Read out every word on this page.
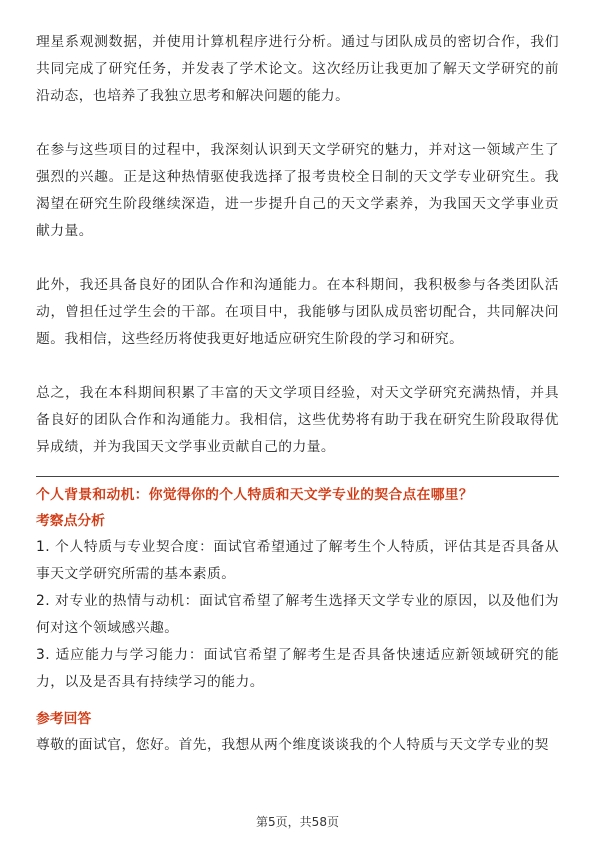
理星系观测数据，并使用计算机程序进行分析。通过与团队成员的密切合作，我们共同完成了研究任务，并发表了学术论文。这次经历让我更加了解天文学研究的前沿动态，也培养了我独立思考和解决问题的能力。

在参与这些项目的过程中，我深刻认识到天文学研究的魅力，并对这一领域产生了强烈的兴趣。正是这种热情驱使我选择了报考贵校全日制的天文学专业研究生。我渴望在研究生阶段继续深造，进一步提升自己的天文学素养，为我国天文学事业贡献力量。

此外，我还具备良好的团队合作和沟通能力。在本科期间，我积极参与各类团队活动，曾担任过学生会的干部。在项目中，我能够与团队成员密切配合，共同解决问题。我相信，这些经历将使我更好地适应研究生阶段的学习和研究。

总之，我在本科期间积累了丰富的天文学项目经验，对天文学研究充满热情，并具备良好的团队合作和沟通能力。我相信，这些优势将有助于我在研究生阶段取得优异成绩，并为我国天文学事业贡献自己的力量。

个人背景和动机：你觉得你的个人特质和天文学专业的契合点在哪里？

考察点分析

1. 个人特质与专业契合度：面试官希望通过了解考生个人特质，评估其是否具备从事天文学研究所需的基本素质。

2. 对专业的热情与动机：面试官希望了解考生选择天文学专业的原因，以及他们为何对这个领域感兴趣。

3. 适应能力与学习能力：面试官希望了解考生是否具备快速适应新领域研究的能力，以及是否具有持续学习的能力。

参考回答

尊敬的面试官，您好。首先，我想从两个维度谈谈我的个人特质与天文学专业的契

第5页，共58页
